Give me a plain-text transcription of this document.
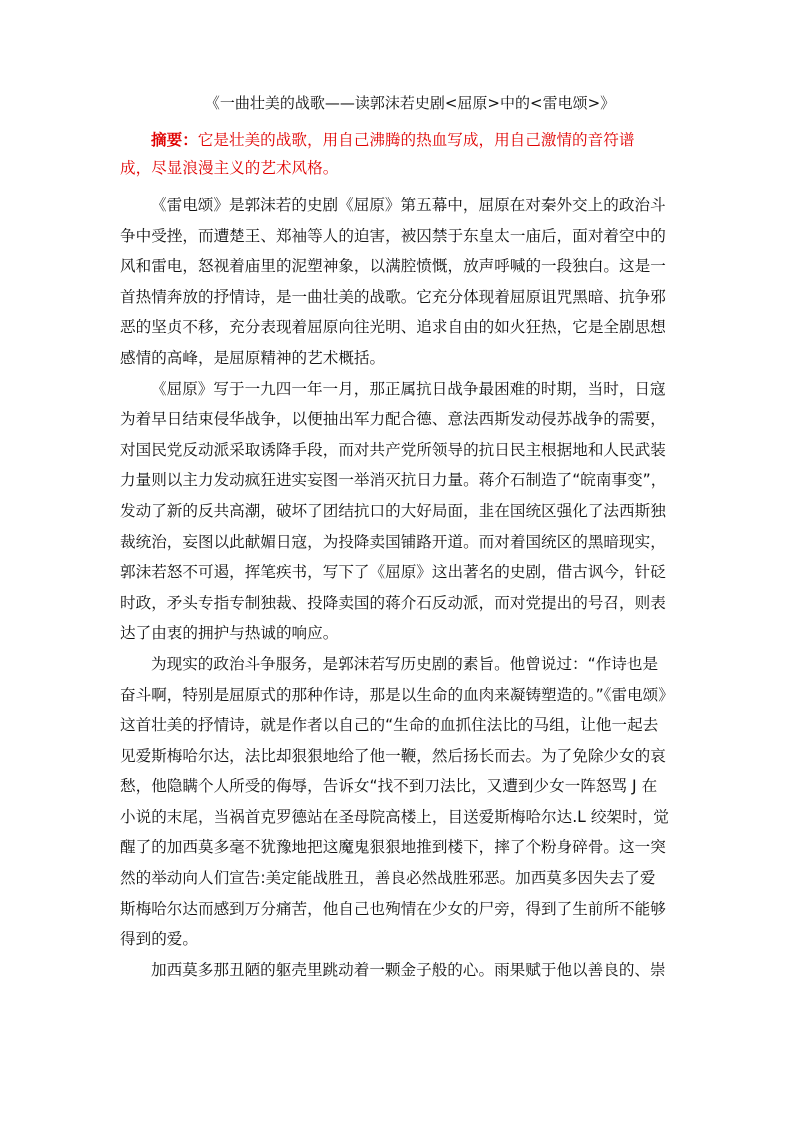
《一曲壮美的战歌——读郭沫若史剧<屈原>中的<雷电颂>》
摘要：它是壮美的战歌，用自己沸腾的热血写成，用自己激情的音符谱
成，尽显浪漫主义的艺术风格。
《雷电颂》是郭沫若的史剧《屈原》第五幕中，屈原在对秦外交上的政治斗
争中受挫，而遭楚王、郑袖等人的迫害，被囚禁于东皇太一庙后，面对着空中的
风和雷电，怒视着庙里的泥塑神象，以满腔愤慨，放声呼喊的一段独白。这是一
首热情奔放的抒情诗，是一曲壮美的战歌。它充分体现着屈原诅咒黑暗、抗争邪
恶的坚贞不移，充分表现着屈原向往光明、追求自由的如火狂热，它是全剧思想
感情的高峰，是屈原精神的艺术概括。
《屈原》写于一九四一年一月，那正属抗日战争最困难的时期，当时，日寇
为着早日结束侵华战争，以便抽出军力配合德、意法西斯发动侵苏战争的需要，
对国民党反动派采取诱降手段，而对共产党所领导的抗日民主根据地和人民武装
力量则以主力发动疯狂进实妄图一举消灭抗日力量。蒋介石制造了“皖南事变”，
发动了新的反共高潮，破坏了团结抗口的大好局面，韭在国统区强化了法西斯独
裁统治，妄图以此献媚日寇，为投降卖国铺路开道。而对着国统区的黑暗现实，
郭沫若怒不可遏，挥笔疾书，写下了《屈原》这出著名的史剧，借古讽今，针砭
时政，矛头专指专制独裁、投降卖国的蒋介石反动派，而对党提出的号召，则表
达了由衷的拥护与热诚的响应。
为现实的政治斗争服务，是郭沫若写历史剧的素旨。他曾说过：“作诗也是
奋斗啊，特别是屈原式的那种作诗，那是以生命的血肉来凝铸塑造的。”《雷电颂》
这首壮美的抒情诗，就是作者以自己的“生命的血抓住法比的马组，让他一起去
见爱斯梅哈尔达，法比却狠狠地给了他一鞭，然后扬长而去。为了免除少女的哀
愁，他隐瞒个人所受的侮辱，告诉女“找不到刀法比，又遭到少女一阵怒骂 J 在
小说的末尾，当祸首克罗德站在圣母院高楼上，目送爱斯梅哈尔达.L 绞架时，觉
醒了的加西莫多毫不犹豫地把这魔鬼狠狠地推到楼下，摔了个粉身碎骨。这一突
然的举动向人们宣告:美定能战胜丑，善良必然战胜邪恶。加西莫多因失去了爱
斯梅哈尔达而感到万分痛苦，他自己也殉情在少女的尸旁，得到了生前所不能够
得到的爱。
加西莫多那丑陋的躯壳里跳动着一颗金子般的心。雨果赋于他以善良的、崇
